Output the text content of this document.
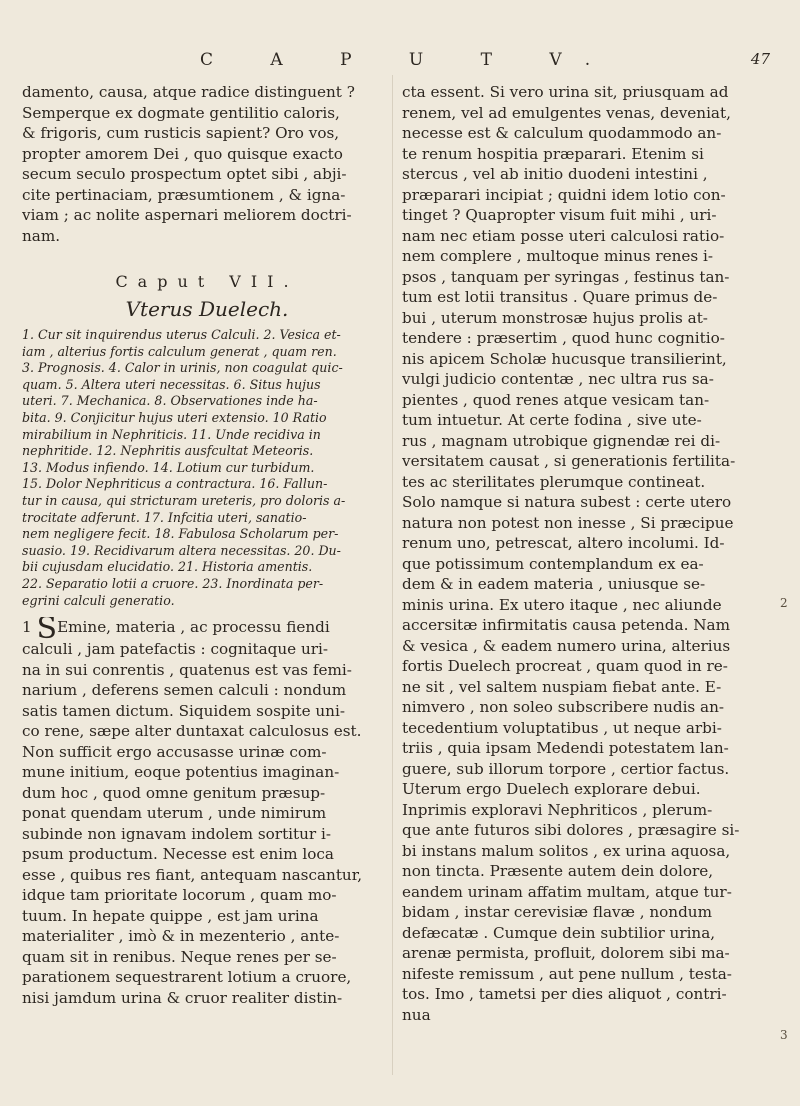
C A P U T V.	47
damento, causa, atque radice distinguent ?
Semperque ex dogmate gentilitio caloris,
& frigoris, cum rusticis sapient? Oro vos,
propter amorem Dei , quo quisque exacto
secum seculo prospectum optet sibi , abji-
cite pertinaciam, præsumtionem , & igna-
viam ; ac nolite aspernari meliorem doctri-
nam.
Caput VII.
Vterus Duelech.
1. Cur sit inquirendus uterus Calculi. 2. Vesica et-
iam , alterius fortis calculum generat , quam ren.
3. Prognosis. 4. Calor in urinis, non coagulat quic-
quam. 5. Altera uteri necessitas. 6. Situs hujus
uteri. 7. Mechanica. 8. Observationes inde ha-
bita. 9. Conjicitur hujus uteri extensio. 10 Ratio
mirabilium in Nephriticis. 11. Unde recidiva in
nephritide. 12. Nephritis ausfcultat Meteoris.
13. Modus infiendo. 14. Lotium cur turbidum.
15. Dolor Nephriticus a contractura. 16. Fallun-
tur in causa, qui stricturam ureteris, pro doloris a-
trocitate adferunt. 17. Infcitia uteri, sanatio-
nem negligere fecit. 18. Fabulosa Scholarum per-
suasio. 19. Recidivarum altera necessitas. 20. Du-
bii cujusdam elucidatio. 21. Historia amentis.
22. Separatio lotii a cruore. 23. Inordinata per-
egrini calculi generatio.
1 SEmine, materia , ac processu fiendi
calculi , jam patefactis : cognitaque uri-
na in sui conrentis , quatenus est vas femi-
narium , deferens semen calculi : nondum
satis tamen dictum. Siquidem sospite uni-
co rene, sæpe alter duntaxat calculosus est.
Non sufficit ergo accusasse urinæ com-
mune initium, eoque potentius imaginan-
dum hoc , quod omne genitum præsup-
ponat quendam uterum , unde nimirum
subinde non ignavam indolem sortitur i-
psum productum. Necesse est enim loca
esse , quibus res fiant, antequam nascantur,
idque tam prioritate locorum , quam mo-
tuum. In hepate quippe , est jam urina
materialiter , imò & in mezenterio , ante-
quam sit in renibus. Neque renes per se-
parationem sequestrarent lotium a cruore,
nisi jamdum urina & cruor realiter distin-
cta essent. Si vero urina sit, priusquam ad
renem, vel ad emulgentes venas, deveniat,
necesse est & calculum quodammodo an-
te renum hospitia præparari. Etenim si
stercus , vel ab initio duodeni intestini ,
præparari incipiat ; quidni idem lotio con-
tinget ? Quapropter visum fuit mihi , uri-
nam nec etiam posse uteri calculosi ratio-
nem complere , multoque minus renes i-
psos , tanquam per syringas , festinus tan-
tum est lotii transitus . Quare primus de-
bui , uterum monstrosæ hujus prolis at-
tendere : præsertim , quod hunc cognitio-
nis apicem Scholæ hucusque transilierint,
vulgi judicio contentæ , nec ultra rus sa-
pientes , quod renes atque vesicam tan-
tum intuetur. At certe fodina , sive ute-
rus , magnam utrobique gignendæ rei di-
versitatem causat , si generationis fertilita-
tes ac sterilitates plerumque contineat.
Solo namque si natura subest : certe utero
natura non potest non inesse , Si præcipue
renum uno, petrescat, altero incolumi. Id-
que potissimum contemplandum ex ea-
dem & in eadem materia , uniusque se-
minis urina. Ex utero itaque , nec aliunde
accersitæ infirmitatis causa petenda. Nam
& vesica , & eadem numero urina, alterius
fortis Duelech procreat , quam quod in re-
ne sit , vel saltem nuspiam fiebat ante. E-
nimvero , non soleo subscribere nudis an-
tecedentium voluptatibus , ut neque arbi-
triis , quia ipsam Medendi potestatem lan-
guere, sub illorum torpore , certior factus.
Uterum ergo Duelech explorare debui.
Inprimis exploravi Nephriticos , plerum-
que ante futuros sibi dolores , præsagire si-
bi instans malum solitos , ex urina aquosa,
non tincta. Præsente autem dein dolore,
eandem urinam affatim multam, atque tur-
bidam , instar cerevisiæ flavæ , nondum
defæcatæ . Cumque dein subtilior urina,
arenæ permista, profluit, dolorem sibi ma-
nifeste remissum , aut pene nullum , testa-
tos. Imo , tametsi per dies aliquot , contri-
nua
2
3
